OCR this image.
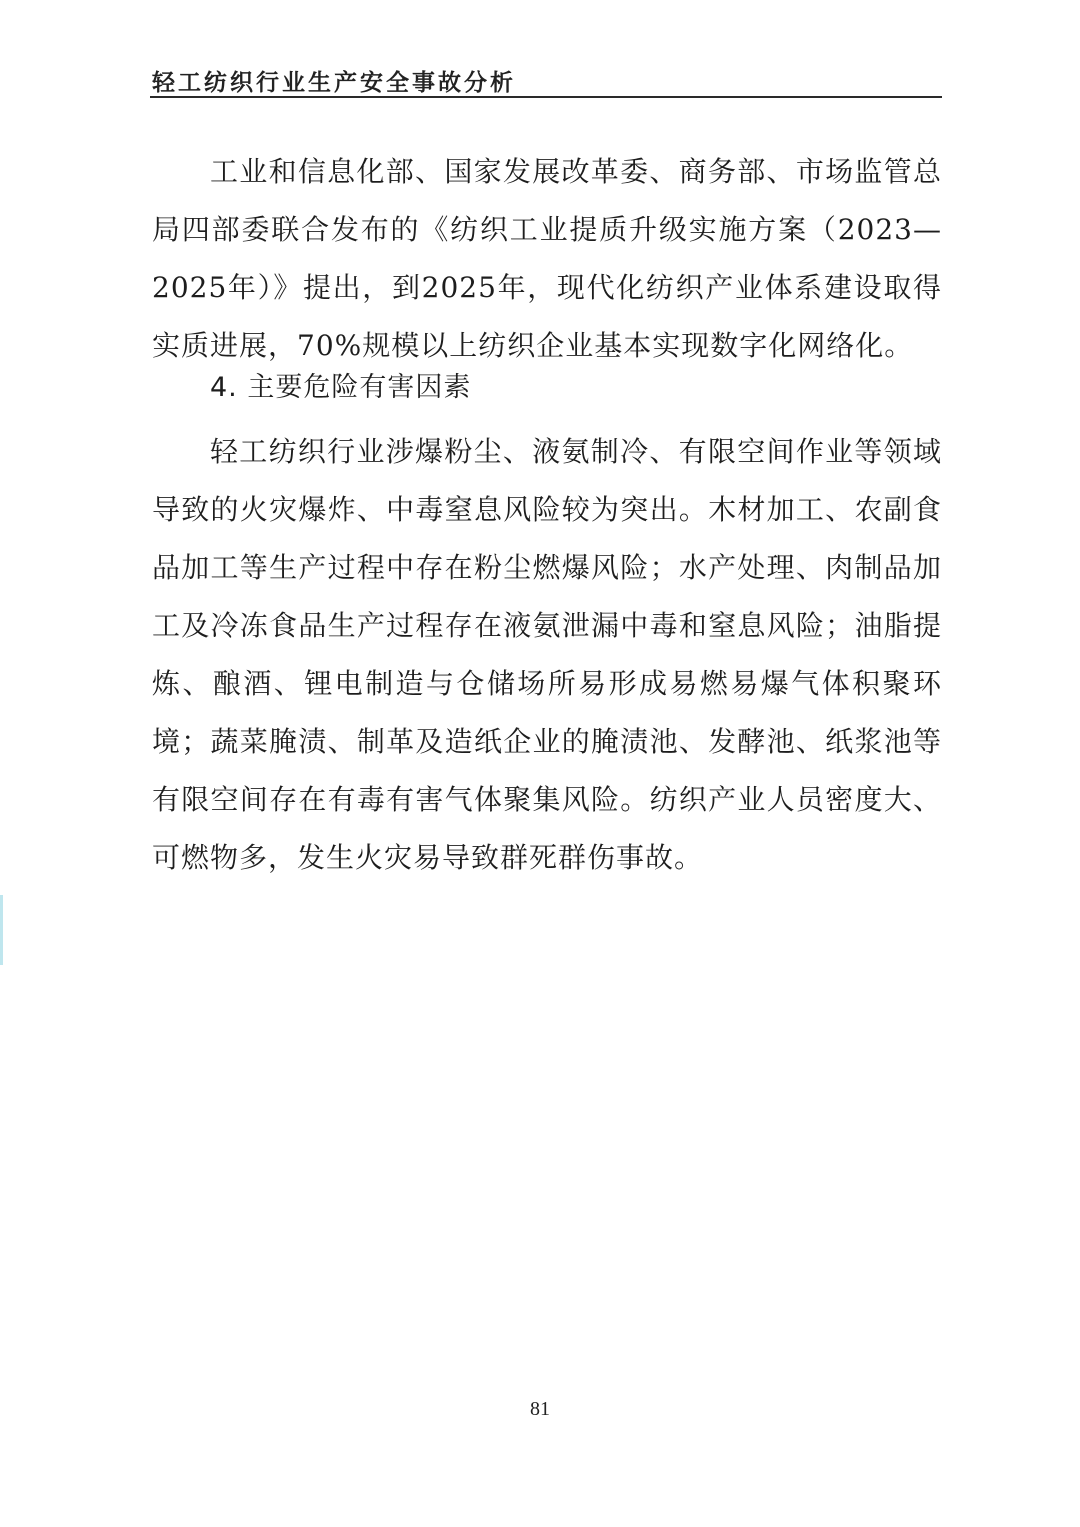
轻工纺织行业生产安全事故分析

工业和信息化部、国家发展改革委、商务部、市场监管总局四部委联合发布的《纺织工业提质升级实施方案（2023—2025年）》提出，到2025年，现代化纺织产业体系建设取得实质进展，70%规模以上纺织企业基本实现数字化网络化。

4. 主要危险有害因素

轻工纺织行业涉爆粉尘、液氨制冷、有限空间作业等领域导致的火灾爆炸、中毒窒息风险较为突出。木材加工、农副食品加工等生产过程中存在粉尘燃爆风险；水产处理、肉制品加工及冷冻食品生产过程存在液氨泄漏中毒和窒息风险；油脂提炼、酿酒、锂电制造与仓储场所易形成易燃易爆气体积聚环境；蔬菜腌渍、制革及造纸企业的腌渍池、发酵池、纸浆池等有限空间存在有毒有害气体聚集风险。纺织产业人员密度大、可燃物多，发生火灾易导致群死群伤事故。

81
